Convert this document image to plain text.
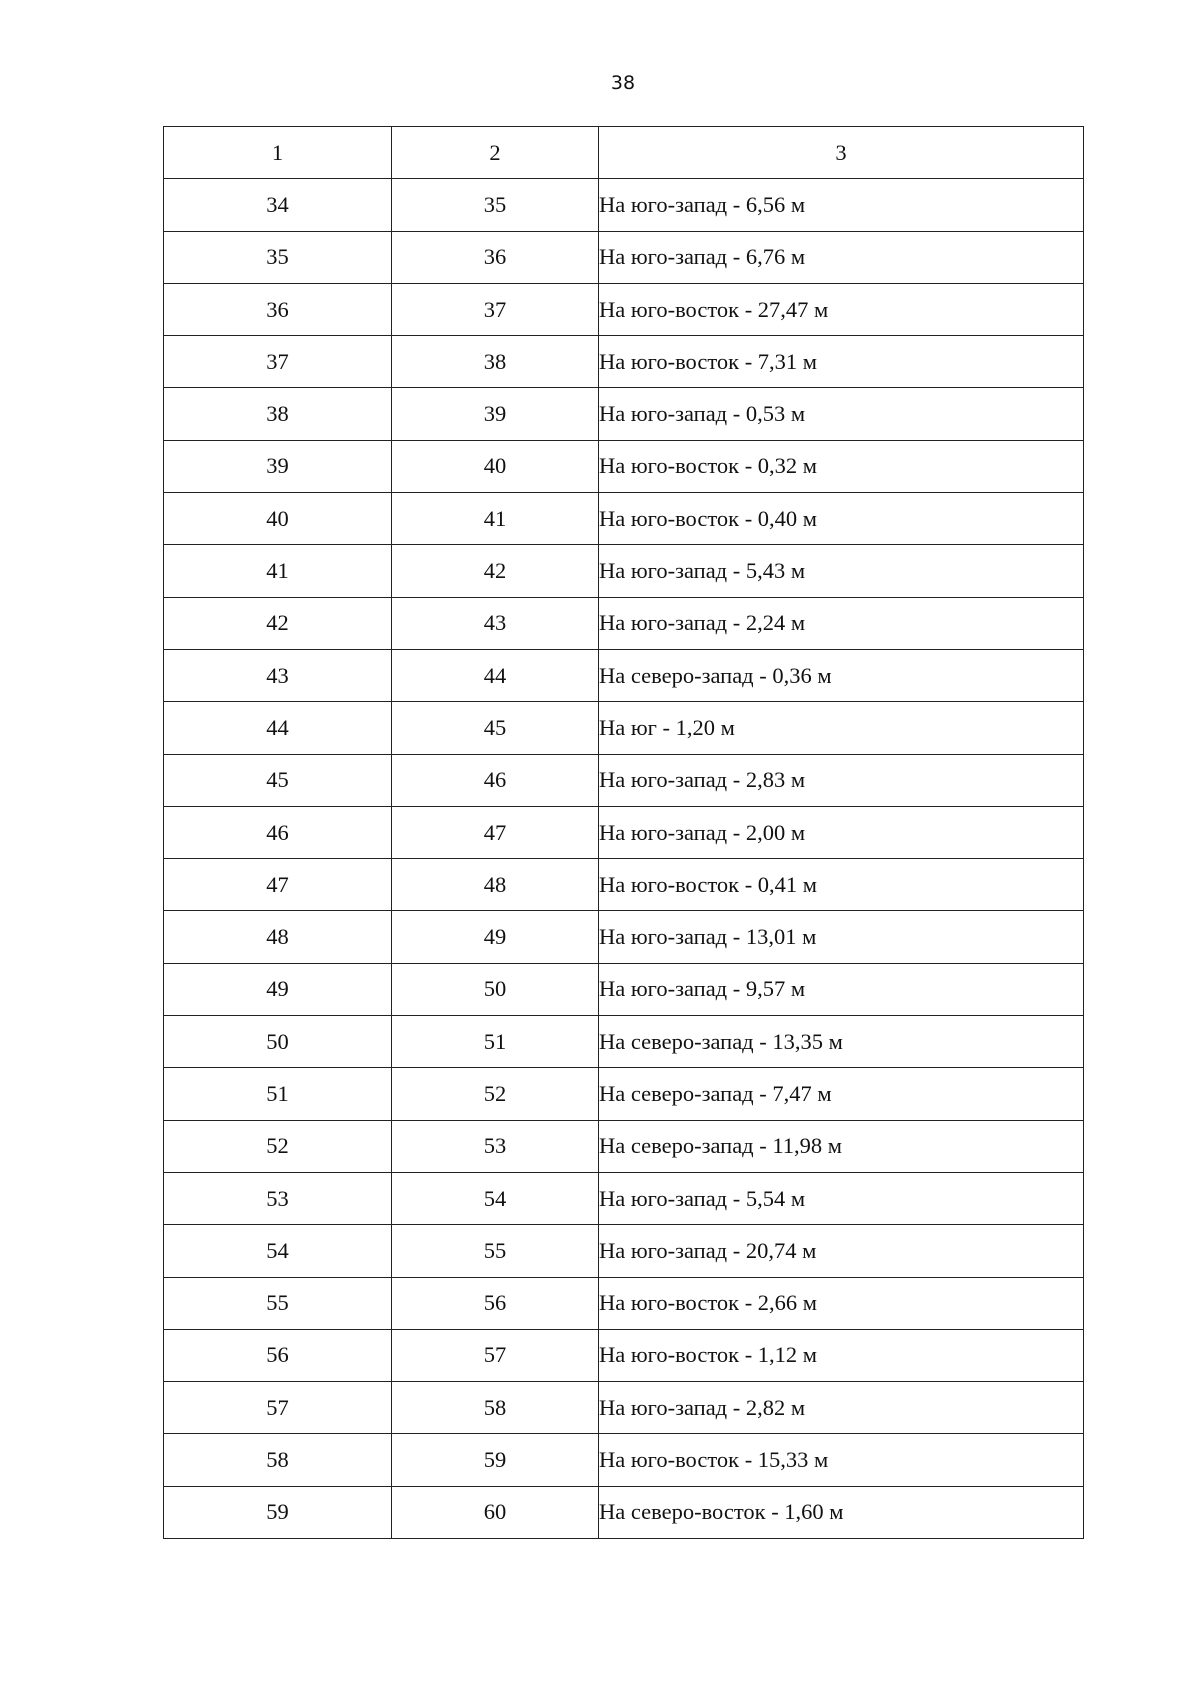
38
1	2	3
34	35	На юго-запад - 6,56 м
35	36	На юго-запад - 6,76 м
36	37	На юго-восток - 27,47 м
37	38	На юго-восток - 7,31 м
38	39	На юго-запад - 0,53 м
39	40	На юго-восток - 0,32 м
40	41	На юго-восток - 0,40 м
41	42	На юго-запад - 5,43 м
42	43	На юго-запад - 2,24 м
43	44	На северо-запад - 0,36 м
44	45	На юг - 1,20 м
45	46	На юго-запад - 2,83 м
46	47	На юго-запад - 2,00 м
47	48	На юго-восток - 0,41 м
48	49	На юго-запад - 13,01 м
49	50	На юго-запад - 9,57 м
50	51	На северо-запад - 13,35 м
51	52	На северо-запад - 7,47 м
52	53	На северо-запад - 11,98 м
53	54	На юго-запад - 5,54 м
54	55	На юго-запад - 20,74 м
55	56	На юго-восток - 2,66 м
56	57	На юго-восток - 1,12 м
57	58	На юго-запад - 2,82 м
58	59	На юго-восток - 15,33 м
59	60	На северо-восток - 1,60 м
